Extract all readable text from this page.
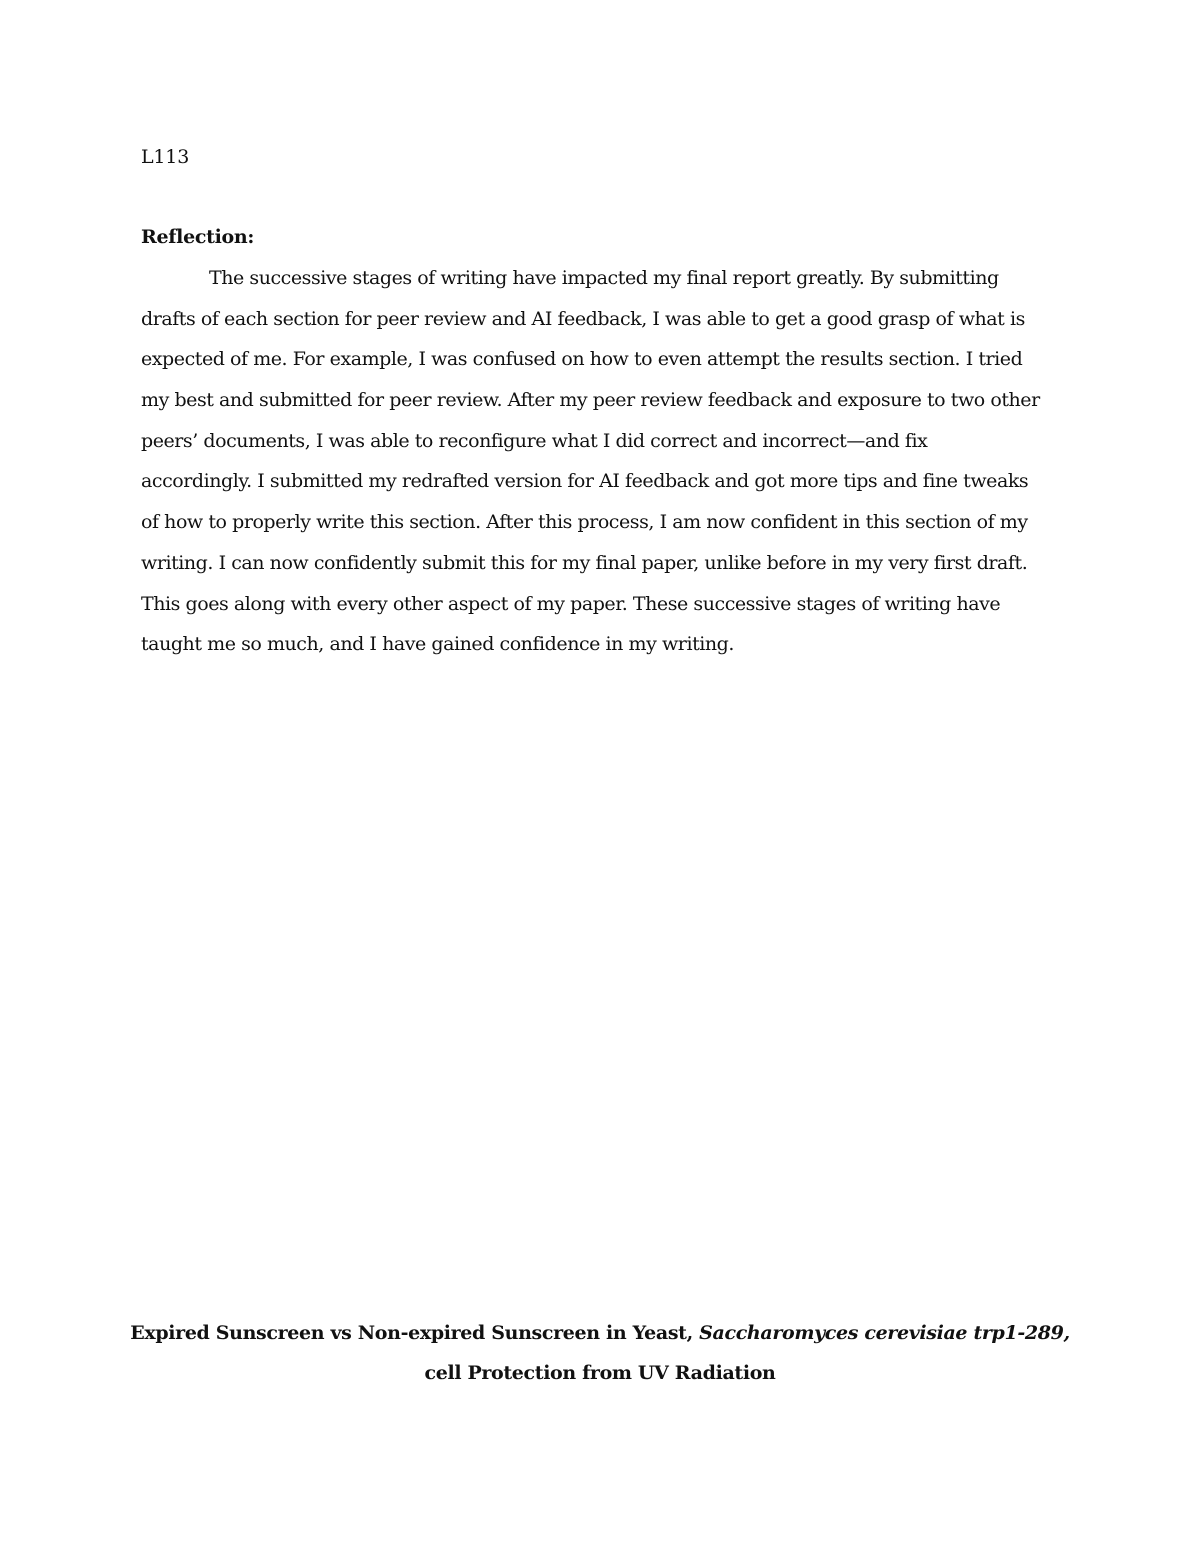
L113
Reflection:
The successive stages of writing have impacted my final report greatly. By submitting
drafts of each section for peer review and AI feedback, I was able to get a good grasp of what is
expected of me. For example, I was confused on how to even attempt the results section. I tried
my best and submitted for peer review. After my peer review feedback and exposure to two other
peers’ documents, I was able to reconfigure what I did correct and incorrect—and fix
accordingly. I submitted my redrafted version for AI feedback and got more tips and fine tweaks
of how to properly write this section. After this process, I am now confident in this section of my
writing. I can now confidently submit this for my final paper, unlike before in my very first draft.
This goes along with every other aspect of my paper. These successive stages of writing have
taught me so much, and I have gained confidence in my writing.
Expired Sunscreen vs Non-expired Sunscreen in Yeast, Saccharomyces cerevisiae trp1-289,
cell Protection from UV Radiation
